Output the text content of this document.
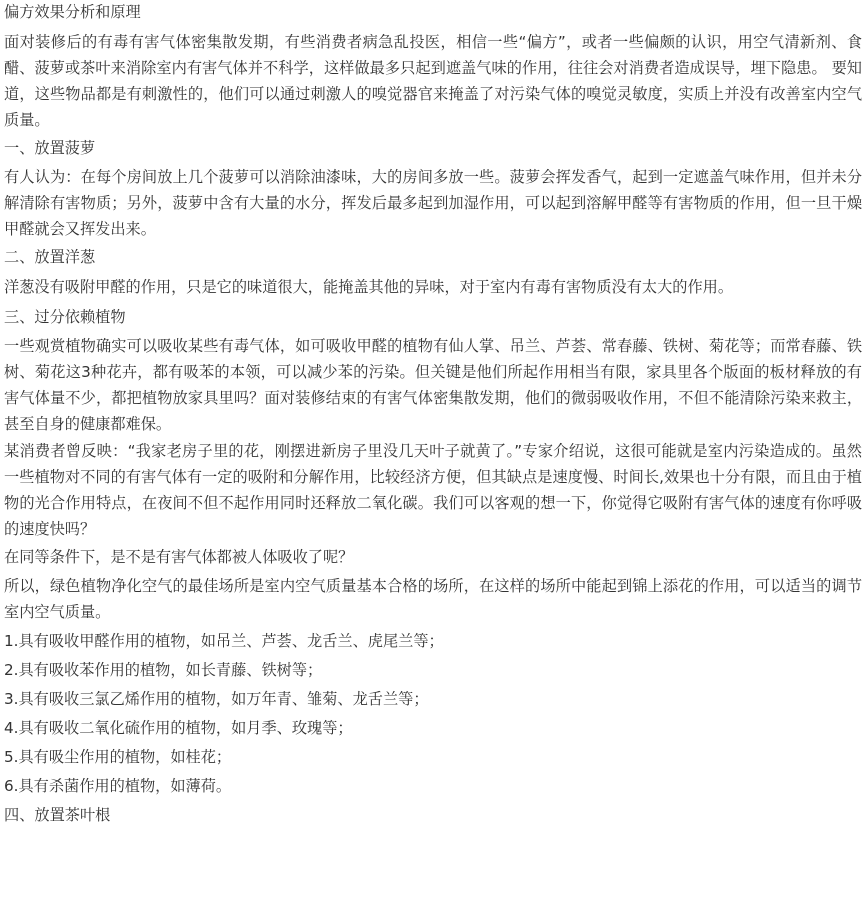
偏方效果分析和原理

面对装修后的有毒有害气体密集散发期，有些消费者病急乱投医，相信一些“偏方”，或者一些偏颇的认识，用空气清新剂、食醋、菠萝或茶叶来消除室内有害气体并不科学，这样做最多只起到遮盖气味的作用，往往会对消费者造成误导，埋下隐患。 要知道，这些物品都是有刺激性的，他们可以通过刺激人的嗅觉器官来掩盖了对污染气体的嗅觉灵敏度，实质上并没有改善室内空气质量。

一、放置菠萝

有人认为：在每个房间放上几个菠萝可以消除油漆味，大的房间多放一些。菠萝会挥发香气，起到一定遮盖气味作用，但并未分解清除有害物质；另外，菠萝中含有大量的水分，挥发后最多起到加湿作用，可以起到溶解甲醛等有害物质的作用，但一旦干燥甲醛就会又挥发出来。

二、放置洋葱

洋葱没有吸附甲醛的作用，只是它的味道很大，能掩盖其他的异味，对于室内有毒有害物质没有太大的作用。

三、过分依赖植物

一些观赏植物确实可以吸收某些有毒气体，如可吸收甲醛的植物有仙人掌、吊兰、芦荟、常春藤、铁树、菊花等；而常春藤、铁树、菊花这3种花卉，都有吸苯的本领，可以减少苯的污染。但关键是他们所起作用相当有限，家具里各个版面的板材释放的有害气体量不少，都把植物放家具里吗？面对装修结束的有害气体密集散发期，他们的微弱吸收作用，不但不能清除污染来救主，甚至自身的健康都难保。

某消费者曾反映：“我家老房子里的花，刚摆进新房子里没几天叶子就黄了。”专家介绍说，这很可能就是室内污染造成的。虽然一些植物对不同的有害气体有一定的吸附和分解作用，比较经济方便，但其缺点是速度慢、时间长,效果也十分有限，而且由于植物的光合作用特点，在夜间不但不起作用同时还释放二氧化碳。我们可以客观的想一下，你觉得它吸附有害气体的速度有你呼吸的速度快吗？

在同等条件下，是不是有害气体都被人体吸收了呢？

所以，绿色植物净化空气的最佳场所是室内空气质量基本合格的场所，在这样的场所中能起到锦上添花的作用，可以适当的调节室内空气质量。

1.具有吸收甲醛作用的植物，如吊兰、芦荟、龙舌兰、虎尾兰等；

2.具有吸收苯作用的植物，如长青藤、铁树等；

3.具有吸收三氯乙烯作用的植物，如万年青、雏菊、龙舌兰等；

4.具有吸收二氧化硫作用的植物，如月季、玫瑰等；

5.具有吸尘作用的植物，如桂花；

6.具有杀菌作用的植物，如薄荷。

四、放置茶叶根
